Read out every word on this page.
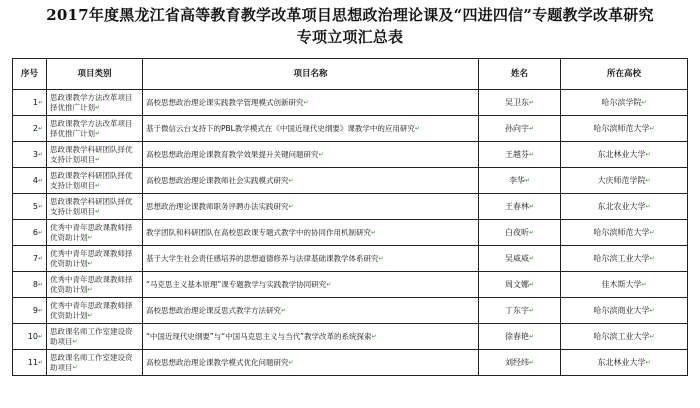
2017年度黑龙江省高等教育教学改革项目思想政治理论课及“四进四信”专题教学改革研究
专项立项汇总表
序号	项目类别	项目名称	姓名	所在高校
1↵	思政课教学方法改革项目择优推广计划↵	高校思想政治理论课实践教学管理模式创新研究↵	吴卫东↵	哈尔滨学院↵
2↵	思政课教学方法改革项目择优推广计划↵	基于微信云台支持下的PBL教学模式在《中国近现代史纲要》课教学中的应用研究↵	孙向宇↵	哈尔滨师范大学↵
3↵	思政课教学科研团队择优支持计划项目↵	高校思想政治理论课教育教学效果提升关键问题研究↵	王越芬↵	东北林业大学↵
4↵	思政课教学科研团队择优支持计划项目↵	高校思想政治理论课教师社会实践模式研究↵	李华↵	大庆师范学院↵
5↵	思政课教学科研团队择优支持计划项目↵	思想政治理论课教师职务评聘办法实践研究↵	王春林↵	东北农业大学↵
6↵	优秀中青年思政课教师择优资助计划↵	教学团队和科研团队在高校思政课专题式教学中的协同作用机制研究↵	白夜昕↵	哈尔滨师范大学↵
7↵	优秀中青年思政课教师择优资助计划↵	基于大学生社会责任感培养的思想道德修养与法律基础课教学体系研究↵	吴威威↵	哈尔滨工业大学↵
8↵	优秀中青年思政课教师择优资助计划↵	“马克思主义基本原理”课专题教学与实践教学协同研究↵	周文娜↵	佳木斯大学↵
9↵	优秀中青年思政课教师择优资助计划↵	高校思想政治理论课反思式教学方法研究↵	丁东宇↵	哈尔滨商业大学↵
10↵	思政课名师工作室建设资助项目↵	“中国近现代史纲要”与“中国马克思主义与当代”教学改革的系统探索↵	徐春艳↵	哈尔滨工业大学↵
11↵	思政课名师工作室建设资助项目↵	高校思想政治理论课教学模式优化问题研究↵	刘经纬↵	东北林业大学↵
